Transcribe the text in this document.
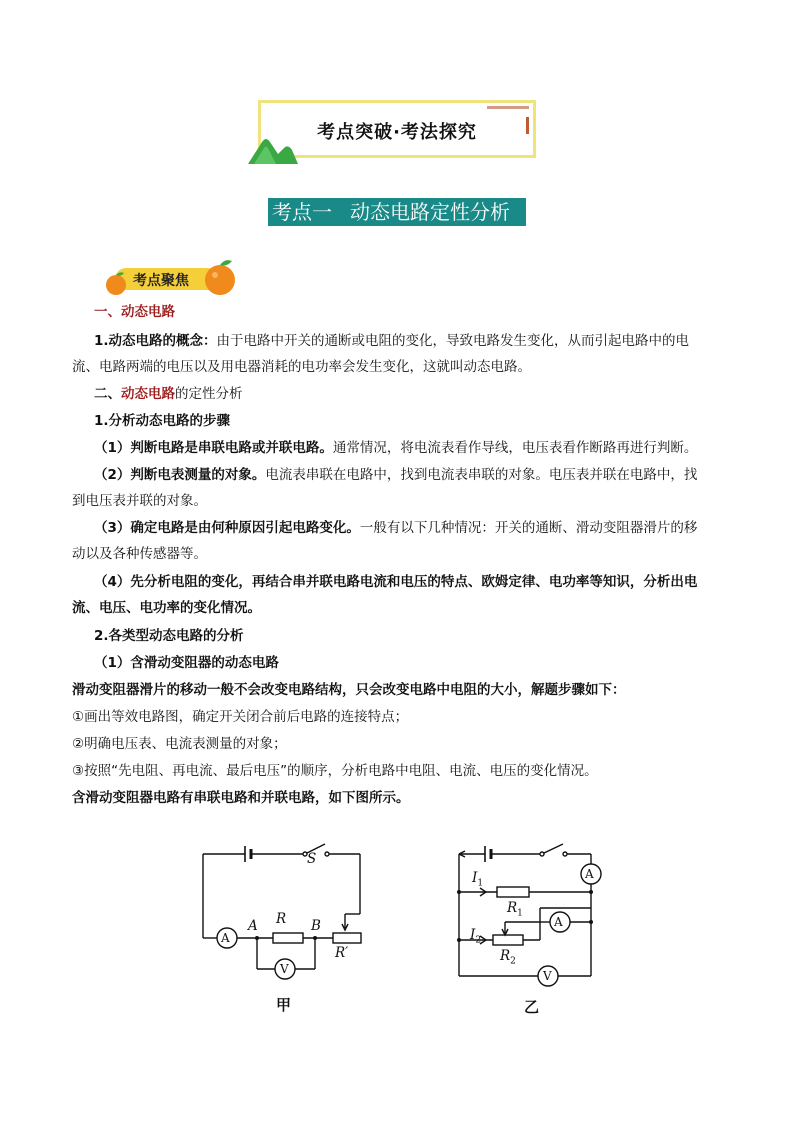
考点突破·考法探究
考点一 动态电路定性分析
考点聚焦
一、动态电路
1.动态电路的概念：由于电路中开关的通断或电阻的变化，导致电路发生变化，从而引起电路中的电
流、电路两端的电压以及用电器消耗的电功率会发生变化，这就叫动态电路。
二、动态电路的定性分析
1.分析动态电路的步骤
（1）判断电路是串联电路或并联电路。通常情况，将电流表看作导线，电压表看作断路再进行判断。
（2）判断电表测量的对象。电流表串联在电路中，找到电流表串联的对象。电压表并联在电路中，找
到电压表并联的对象。
（3）确定电路是由何种原因引起电路变化。一般有以下几种情况：开关的通断、滑动变阻器滑片的移
动以及各种传感器等。
（4）先分析电阻的变化，再结合串并联电路电流和电压的特点、欧姆定律、电功率等知识，分析出电
流、电压、电功率的变化情况。
2.各类型动态电路的分析
（1）含滑动变阻器的动态电路
滑动变阻器滑片的移动一般不会改变电路结构，只会改变电路中电阻的大小，解题步骤如下：
①画出等效电路图，确定开关闭合前后电路的连接特点；
②明确电压表、电流表测量的对象；
③按照“先电阻、再电流、最后电压”的顺序，分析电路中电阻、电流、电压的变化情况。
含滑动变阻器电路有串联电路和并联电路，如下图所示。
S
A
A R B
R′
V
甲
$I_1$
$R_1$
A
A
$I_2$
$R_2$
V
乙
